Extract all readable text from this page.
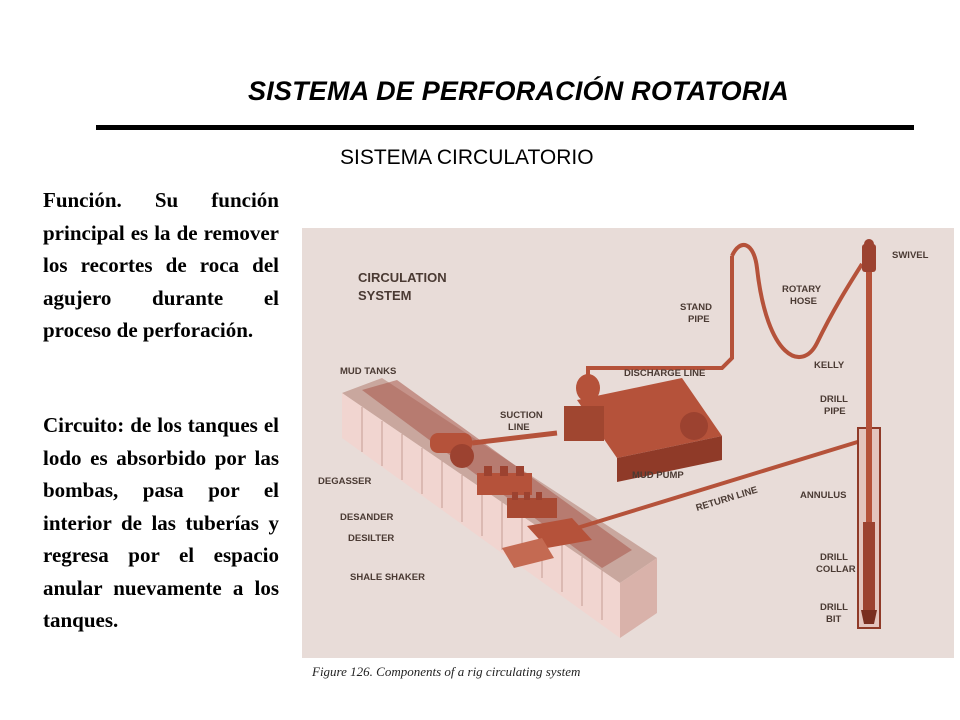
SISTEMA DE PERFORACIÓN ROTATORIA
SISTEMA CIRCULATORIO

Función. Su función principal es la de remover los recortes de roca del agujero durante el proceso de perforación.

Circuito: de los tanques el lodo es absorbido por las bombas, pasa por el interior de las tuberías y regresa por el espacio anular nuevamente a los tanques.

CIRCULATION
SYSTEM
MUD TANKS
STAND
PIPE
ROTARY
HOSE
SWIVEL
DISCHARGE LINE
KELLY
SUCTION
LINE
DRILL
PIPE
DEGASSER
MUD PUMP
RETURN LINE	ANNULUS
DESANDER
DESILTER
DRILL
COLLAR
SHALE SHAKER
DRILL
BIT
Figure 126. Components of a rig circulating system
